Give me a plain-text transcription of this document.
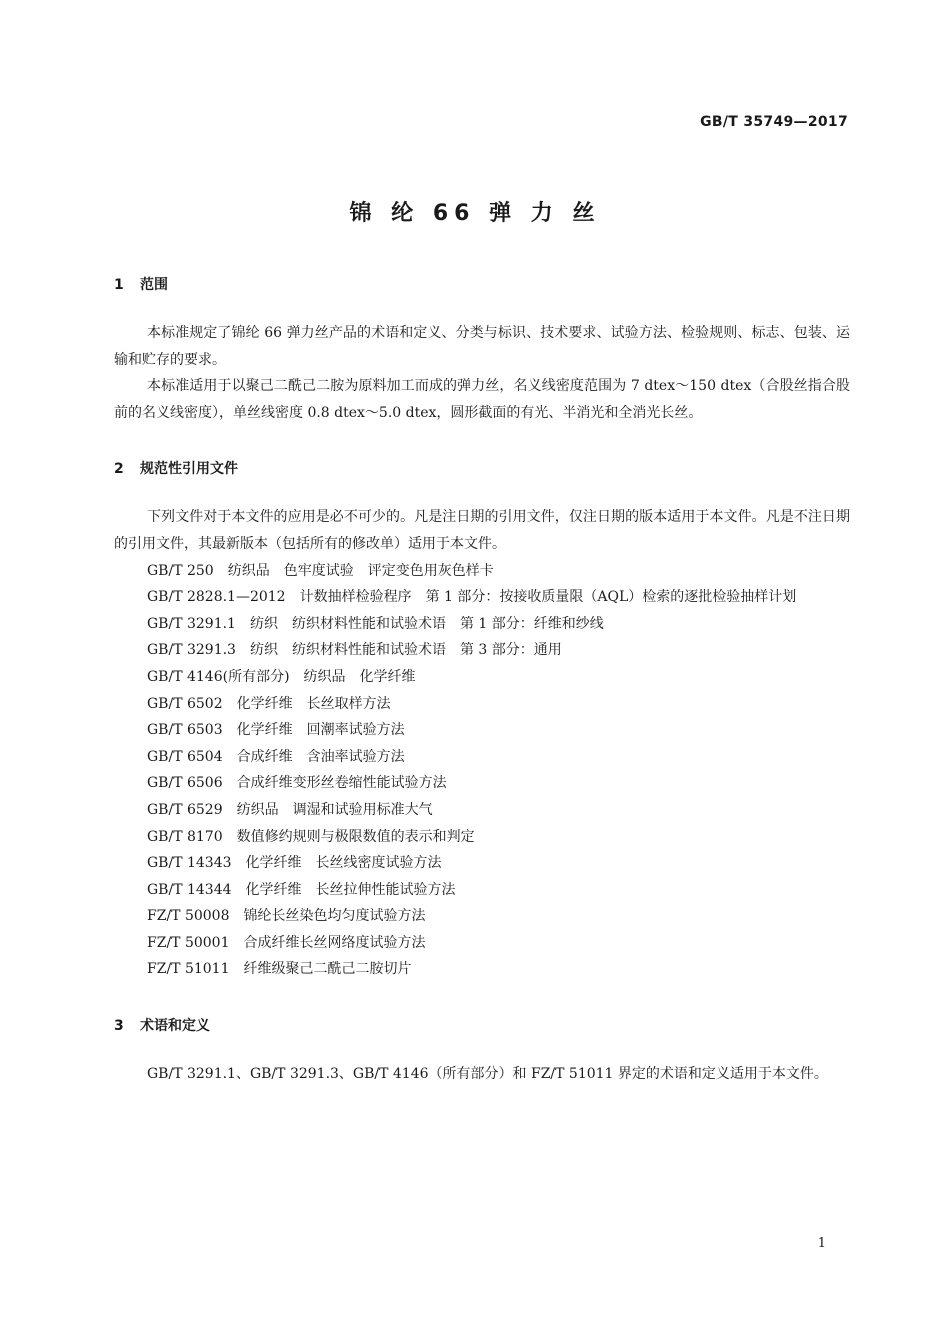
GB/T 35749—2017
锦 纶 66 弹 力 丝
1 范围

本标准规定了锦纶 66 弹力丝产品的术语和定义、分类与标识、技术要求、试验方法、检验规则、标志、包装、运输和贮存的要求。

本标准适用于以聚己二酰己二胺为原料加工而成的弹力丝，名义线密度范围为 7 dtex～150 dtex（合股丝指合股前的名义线密度），单丝线密度 0.8 dtex～5.0 dtex，圆形截面的有光、半消光和全消光长丝。

2 规范性引用文件

下列文件对于本文件的应用是必不可少的。凡是注日期的引用文件，仅注日期的版本适用于本文件。凡是不注日期的引用文件，其最新版本（包括所有的修改单）适用于本文件。

GB/T 250　纺织品　色牢度试验　评定变色用灰色样卡

GB/T 2828.1—2012　计数抽样检验程序　第 1 部分：按接收质量限（AQL）检索的逐批检验抽样计划

GB/T 3291.1　纺织　纺织材料性能和试验术语　第 1 部分：纤维和纱线

GB/T 3291.3　纺织　纺织材料性能和试验术语　第 3 部分：通用

GB/T 4146(所有部分)　纺织品　化学纤维

GB/T 6502　化学纤维　长丝取样方法

GB/T 6503　化学纤维　回潮率试验方法

GB/T 6504　合成纤维　含油率试验方法

GB/T 6506　合成纤维变形丝卷缩性能试验方法

GB/T 6529　纺织品　调湿和试验用标准大气

GB/T 8170　数值修约规则与极限数值的表示和判定

GB/T 14343　化学纤维　长丝线密度试验方法

GB/T 14344　化学纤维　长丝拉伸性能试验方法

FZ/T 50008　锦纶长丝染色均匀度试验方法

FZ/T 50001　合成纤维长丝网络度试验方法

FZ/T 51011　纤维级聚己二酰己二胺切片

3 术语和定义

GB/T 3291.1、GB/T 3291.3、GB/T 4146（所有部分）和 FZ/T 51011 界定的术语和定义适用于本文件。

1
